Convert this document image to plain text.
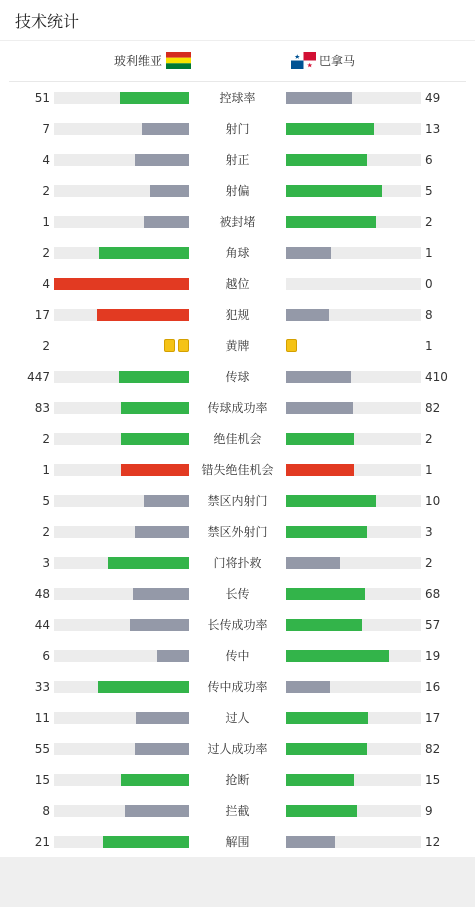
技术统计
玻利维亚	巴拿马
51	控球率	49
7	射门	13
4	射正	6
2	射偏	5
1	被封堵	2
2	角球	1
4	越位	0
17	犯规	8
2	黄牌	1
447	传球	410
83	传球成功率	82
2	绝佳机会	2
1	错失绝佳机会	1
5	禁区内射门	10
2	禁区外射门	3
3	门将扑救	2
48	长传	68
44	长传成功率	57
6	传中	19
33	传中成功率	16
11	过人	17
55	过人成功率	82
15	抢断	15
8	拦截	9
21	解围	12
